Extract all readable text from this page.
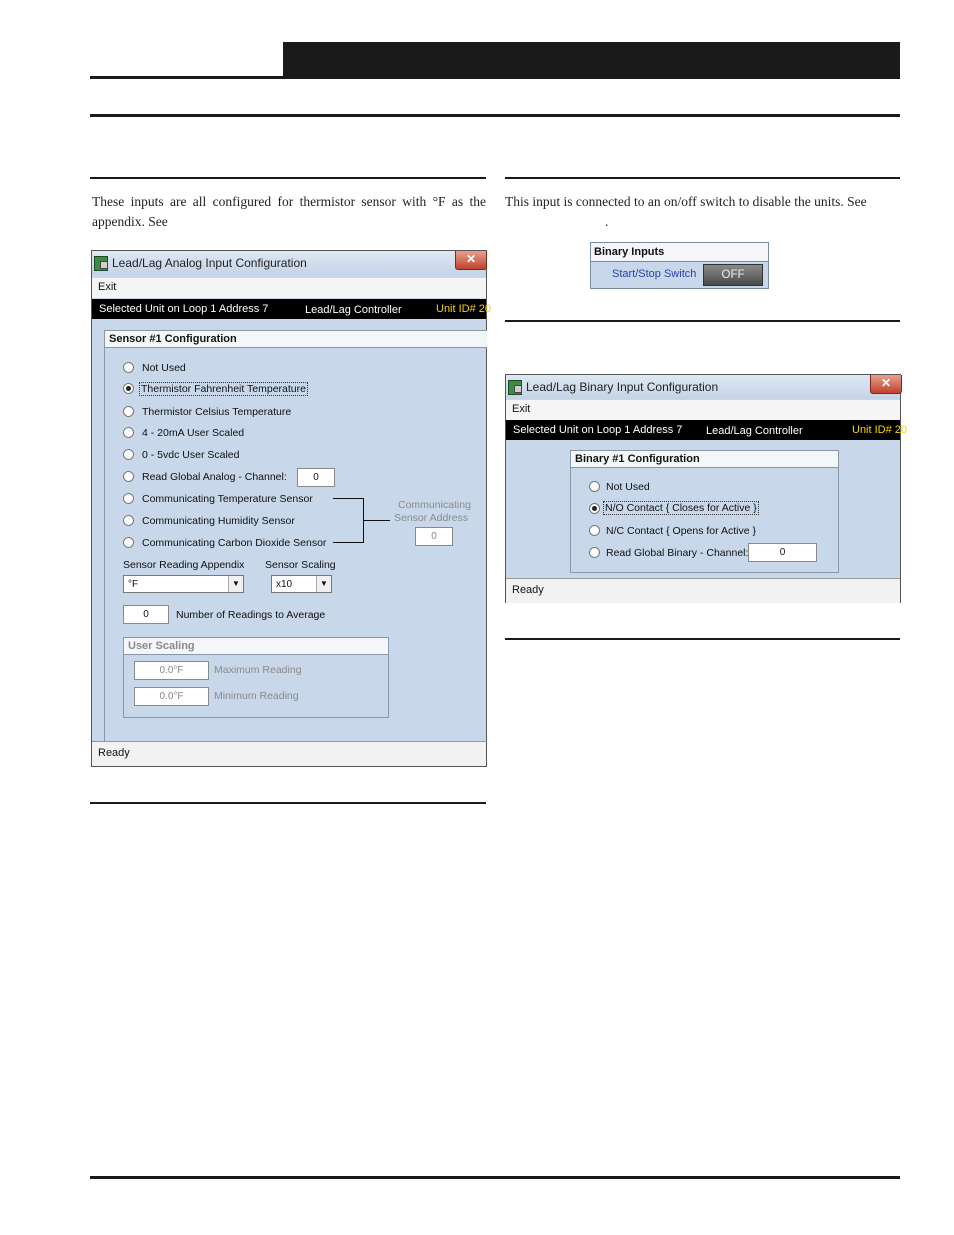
These inputs are all configured for thermistor sensor with °F as the appendix. See
Lead/Lag Analog Input Configuration	✕
Exit
Selected Unit on Loop 1 Address 7	Lead/Lag Controller	Unit ID# 20
Sensor #1 Configuration
Not Used
Thermistor Fahrenheit Temperature
Thermistor Celsius Temperature
4 - 20mA User Scaled
0 - 5vdc User Scaled
Read Global Analog - Channel:	0
Communicating Temperature Sensor
Communicating Humidity Sensor
Communicating Carbon Dioxide Sensor
Communicating
Sensor Address
0
Sensor Reading Appendix Sensor Scaling
°F	▼	x10	▼
0	Number of Readings to Average
User Scaling
0.0°F	Maximum Reading
0.0°F	Minimum Reading
Ready
This input is connected to an on/off switch to disable the units. See
.
Binary Inputs
Start/Stop Switch	OFF
Lead/Lag Binary Input Configuration	✕
Exit
Selected Unit on Loop 1 Address 7 Lead/Lag Controller	Unit ID# 20
Binary #1 Configuration
Not Used
N/O Contact { Closes for Active }
N/C Contact { Opens for Active }
Read Global Binary - Channel:	0
Ready
